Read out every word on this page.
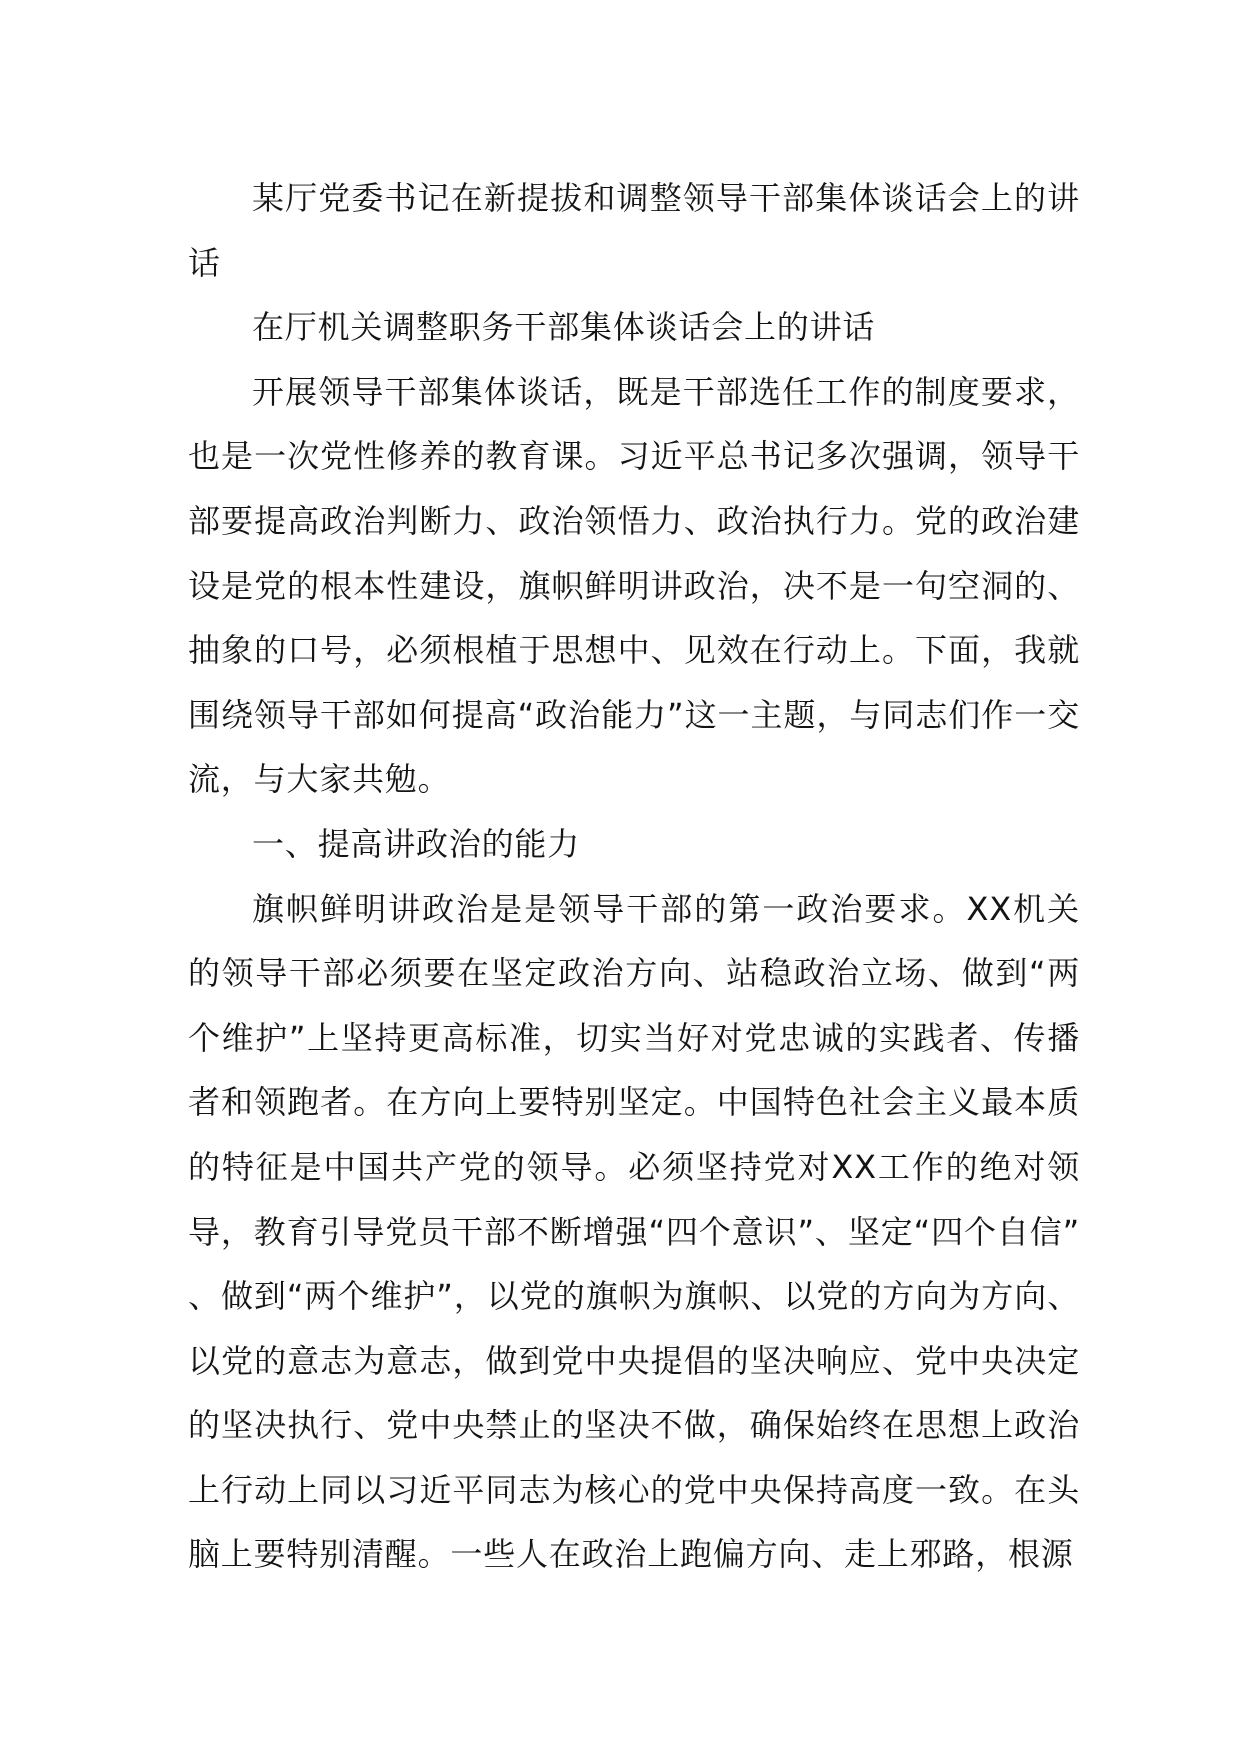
某厅党委书记在新提拔和调整领导干部集体谈话会上的讲话

在厅机关调整职务干部集体谈话会上的讲话

开展领导干部集体谈话，既是干部选任工作的制度要求，也是一次党性修养的教育课。习近平总书记多次强调，领导干部要提高政治判断力、政治领悟力、政治执行力。党的政治建设是党的根本性建设，旗帜鲜明讲政治，决不是一句空洞的、抽象的口号，必须根植于思想中、见效在行动上。下面，我就围绕领导干部如何提高“政治能力”这一主题，与同志们作一交流，与大家共勉。

一、提高讲政治的能力

旗帜鲜明讲政治是是领导干部的第一政治要求。XX机关的领导干部必须要在坚定政治方向、站稳政治立场、做到“两个维护”上坚持更高标准，切实当好对党忠诚的实践者、传播者和领跑者。在方向上要特别坚定。中国特色社会主义最本质的特征是中国共产党的领导。必须坚持党对XX工作的绝对领导，教育引导党员干部不断增强“四个意识”、坚定“四个自信”、做到“两个维护”，以党的旗帜为旗帜、以党的方向为方向、以党的意志为意志，做到党中央提倡的坚决响应、党中央决定的坚决执行、党中央禁止的坚决不做，确保始终在思想上政治上行动上同以习近平同志为核心的党中央保持高度一致。在头脑上要特别清醒。一些人在政治上跑偏方向、走上邪路，根源
